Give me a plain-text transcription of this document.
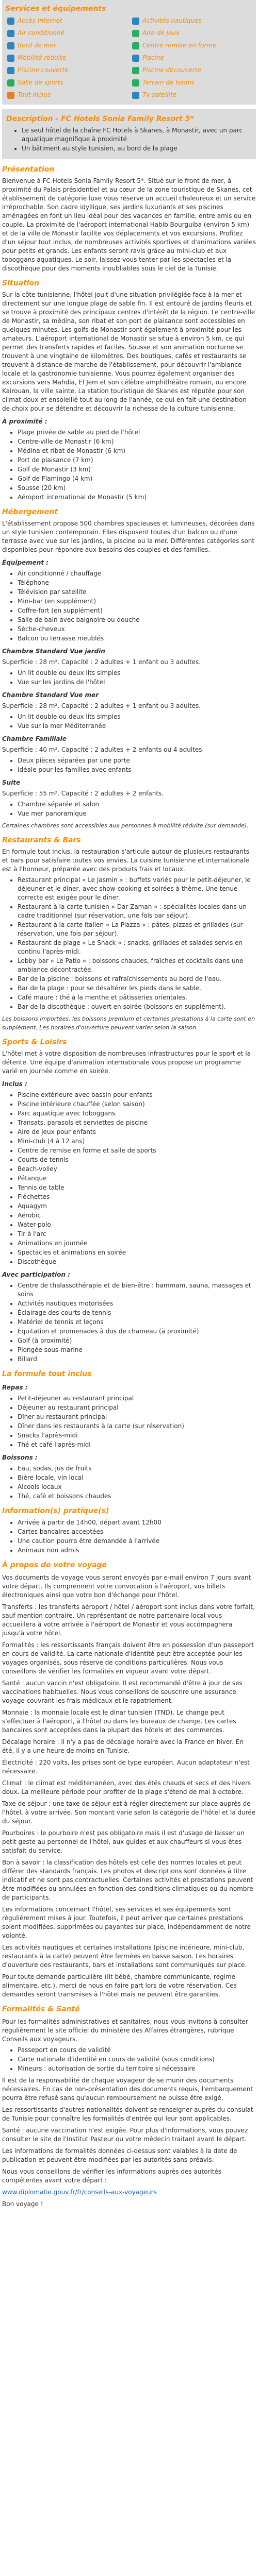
Services et équipements
Accès Internet	Activités nautiques
Air conditionné	Aire de jeux
Bord de mer	Centre remise en forme
Mobilité réduite	Piscine
Piscine couverte	Piscine découverte
Salle de sports	Terrain de tennis
Tout inclus	Tv satellite
Description - FC Hotels Sonia Family Resort 5*
• Le seul hôtel de la chaîne FC Hotels à Skanes, à Monastir, avec un parc aquatique magnifique à proximité
• Un bâtiment au style tunisien, au bord de la plage
Présentation

Bienvenue à FC Hotels Sonia Family Resort 5*. Situé sur le front de mer, à proximité du Palais présidentiel et au cœur de la zone touristique de Skanes, cet établissement de catégorie luxe vous réserve un accueil chaleureux et un service irréprochable. Son cadre idyllique, ses jardins luxuriants et ses piscines aménagées en font un lieu idéal pour des vacances en famille, entre amis ou en couple. La proximité de l'aéroport international Habib Bourguiba (environ 5 km) et de la ville de Monastir facilite vos déplacements et vos excursions. Profitez d'un séjour tout inclus, de nombreuses activités sportives et d'animations variées pour petits et grands. Les enfants seront ravis grâce au mini-club et aux toboggans aquatiques. Le soir, laissez-vous tenter par les spectacles et la discothèque pour des moments inoubliables sous le ciel de la Tunisie.

Situation

Sur la côte tunisienne, l'hôtel jouit d'une situation privilégiée face à la mer et directement sur une longue plage de sable fin. Il est entouré de jardins fleuris et se trouve à proximité des principaux centres d'intérêt de la région. Le centre-ville de Monastir, sa médina, son ribat et son port de plaisance sont accessibles en quelques minutes. Les golfs de Monastir sont également à proximité pour les amateurs. L'aéroport international de Monastir se situe à environ 5 km, ce qui permet des transferts rapides et faciles. Sousse et son animation nocturne se trouvent à une vingtaine de kilomètres. Des boutiques, cafés et restaurants se trouvent à distance de marche de l'établissement, pour découvrir l'ambiance locale et la gastronomie tunisienne. Vous pourrez également organiser des excursions vers Mahdia, El Jem et son célèbre amphithéâtre romain, ou encore Kairouan, la ville sainte. La station touristique de Skanes est réputée pour son climat doux et ensoleillé tout au long de l'année, ce qui en fait une destination de choix pour se détendre et découvrir la richesse de la culture tunisienne.

À proximité :
• Plage privée de sable au pied de l'hôtel
• Centre-ville de Monastir (6 km)
• Médina et ribat de Monastir (6 km)
• Port de plaisance (7 km)
• Golf de Monastir (3 km)
• Golf de Flamingo (4 km)
• Sousse (20 km)
• Aéroport international de Monastir (5 km)
Hébergement

L'établissement propose 500 chambres spacieuses et lumineuses, décorées dans un style tunisien contemporain. Elles disposent toutes d'un balcon ou d'une terrasse avec vue sur les jardins, la piscine ou la mer. Différentes catégories sont disponibles pour répondre aux besoins des couples et des familles.

Équipement :
• Air conditionné / chauffage
• Téléphone
• Télévision par satellite
• Mini-bar (en supplément)
• Coffre-fort (en supplément)
• Salle de bain avec baignoire ou douche
• Sèche-cheveux
• Balcon ou terrasse meublés
Chambre Standard Vue jardin

Superficie : 28 m². Capacité : 2 adultes + 1 enfant ou 3 adultes.

• Un lit double ou deux lits simples
• Vue sur les jardins de l'hôtel
Chambre Standard Vue mer

Superficie : 28 m². Capacité : 2 adultes + 1 enfant ou 3 adultes.

• Un lit double ou deux lits simples
• Vue sur la mer Méditerranée
Chambre Familiale

Superficie : 40 m². Capacité : 2 adultes + 2 enfants ou 4 adultes.

• Deux pièces séparées par une porte
• Idéale pour les familles avec enfants
Suite

Superficie : 55 m². Capacité : 2 adultes + 2 enfants.

• Chambre séparée et salon
• Vue mer panoramique

Certaines chambres sont accessibles aux personnes à mobilité réduite (sur demande).

Restaurants & Bars

En formule tout inclus, la restauration s'articule autour de plusieurs restaurants et bars pour satisfaire toutes vos envies. La cuisine tunisienne et internationale est à l'honneur, préparée avec des produits frais et locaux.

• Restaurant principal « Le Jasmin » : buffets variés pour le petit-déjeuner, le déjeuner et le dîner, avec show-cooking et soirées à thème. Une tenue correcte est exigée pour le dîner.
• Restaurant à la carte tunisien « Dar Zaman » : spécialités locales dans un cadre traditionnel (sur réservation, une fois par séjour).
• Restaurant à la carte italien « La Piazza » : pâtes, pizzas et grillades (sur réservation, une fois par séjour).
• Restaurant de plage « Le Snack » : snacks, grillades et salades servis en continu l'après-midi.
• Lobby bar « Le Patio » : boissons chaudes, fraîches et cocktails dans une ambiance décontractée.
• Bar de la piscine : boissons et rafraîchissements au bord de l'eau.
• Bar de la plage : pour se désaltérer les pieds dans le sable.
• Café maure : thé à la menthe et pâtisseries orientales.
• Bar de la discothèque : ouvert en soirée (boissons en supplément).

Les boissons importées, les boissons premium et certaines prestations à la carte sont en supplément. Les horaires d'ouverture peuvent varier selon la saison.

Sports & Loisirs

L'hôtel met à votre disposition de nombreuses infrastructures pour le sport et la détente. Une équipe d'animation internationale vous propose un programme varié en journée comme en soirée.

Inclus :
• Piscine extérieure avec bassin pour enfants
• Piscine intérieure chauffée (selon saison)
• Parc aquatique avec toboggans
• Transats, parasols et serviettes de piscine
• Aire de jeux pour enfants
• Mini-club (4 à 12 ans)
• Centre de remise en forme et salle de sports
• Courts de tennis
• Beach-volley
• Pétanque
• Tennis de table
• Fléchettes
• Aquagym
• Aérobic
• Water-polo
• Tir à l'arc
• Animations en journée
• Spectacles et animations en soirée
• Discothèque
Avec participation :
• Centre de thalassothérapie et de bien-être : hammam, sauna, massages et soins
• Activités nautiques motorisées
• Éclairage des courts de tennis
• Matériel de tennis et leçons
• Équitation et promenades à dos de chameau (à proximité)
• Golf (à proximité)
• Plongée sous-marine
• Billard
La formule tout inclus
Repas :
• Petit-déjeuner au restaurant principal
• Déjeuner au restaurant principal
• Dîner au restaurant principal
• Dîner dans les restaurants à la carte (sur réservation)
• Snacks l'après-midi
• Thé et café l'après-midi
Boissons :
• Eau, sodas, jus de fruits
• Bière locale, vin local
• Alcools locaux
• Thé, café et boissons chaudes
Information(s) pratique(s)
• Arrivée à partir de 14h00, départ avant 12h00
• Cartes bancaires acceptées
• Une caution pourra être demandée à l'arrivée
• Animaux non admis
À propos de votre voyage

Vos documents de voyage vous seront envoyés par e-mail environ 7 jours avant votre départ. Ils comprennent votre convocation à l'aéroport, vos billets électroniques ainsi que votre bon d'échange pour l'hôtel.

Transferts : les transferts aéroport / hôtel / aéroport sont inclus dans votre forfait, sauf mention contraire. Un représentant de notre partenaire local vous accueillera à votre arrivée à l'aéroport de Monastir et vous accompagnera jusqu'à votre hôtel.

Formalités : les ressortissants français doivent être en possession d'un passeport en cours de validité. La carte nationale d'identité peut être acceptée pour les voyages organisés, sous réserve de conditions particulières. Nous vous conseillons de vérifier les formalités en vigueur avant votre départ.

Santé : aucun vaccin n'est obligatoire. Il est recommandé d'être à jour de ses vaccinations habituelles. Nous vous conseillons de souscrire une assurance voyage couvrant les frais médicaux et le rapatriement.

Monnaie : la monnaie locale est le dinar tunisien (TND). Le change peut s'effectuer à l'aéroport, à l'hôtel ou dans les bureaux de change. Les cartes bancaires sont acceptées dans la plupart des hôtels et des commerces.

Décalage horaire : il n'y a pas de décalage horaire avec la France en hiver. En été, il y a une heure de moins en Tunisie.

Électricité : 220 volts, les prises sont de type européen. Aucun adaptateur n'est nécessaire.

Climat : le climat est méditerranéen, avec des étés chauds et secs et des hivers doux. La meilleure période pour profiter de la plage s'étend de mai à octobre.

Taxe de séjour : une taxe de séjour est à régler directement sur place auprès de l'hôtel, à votre arrivée. Son montant varie selon la catégorie de l'hôtel et la durée du séjour.

Pourboires : le pourboire n'est pas obligatoire mais il est d'usage de laisser un petit geste au personnel de l'hôtel, aux guides et aux chauffeurs si vous êtes satisfait du service.

Bon à savoir : la classification des hôtels est celle des normes locales et peut différer des standards français. Les photos et descriptions sont données à titre indicatif et ne sont pas contractuelles. Certaines activités et prestations peuvent être modifiées ou annulées en fonction des conditions climatiques ou du nombre de participants.

Les informations concernant l'hôtel, ses services et ses équipements sont régulièrement mises à jour. Toutefois, il peut arriver que certaines prestations soient modifiées, supprimées ou payantes sur place, indépendamment de notre volonté.

Les activités nautiques et certaines installations (piscine intérieure, mini-club, restaurants à la carte) peuvent être fermées en basse saison. Les horaires d'ouverture des restaurants, bars et installations sont communiqués sur place.

Pour toute demande particulière (lit bébé, chambre communicante, régime alimentaire, etc.), merci de nous en faire part lors de votre réservation. Ces demandes seront transmises à l'hôtel mais ne peuvent être garanties.

Formalités & Santé

Pour les formalités administratives et sanitaires, nous vous invitons à consulter régulièrement le site officiel du ministère des Affaires étrangères, rubrique Conseils aux voyageurs.

• Passeport en cours de validité
• Carte nationale d'identité en cours de validité (sous conditions)
• Mineurs : autorisation de sortie du territoire si nécessaire

Il est de la responsabilité de chaque voyageur de se munir des documents nécessaires. En cas de non-présentation des documents requis, l'embarquement pourra être refusé sans qu'aucun remboursement ne puisse être exigé.

Les ressortissants d'autres nationalités doivent se renseigner auprès du consulat de Tunisie pour connaître les formalités d'entrée qui leur sont applicables.

Santé : aucune vaccination n'est exigée. Pour plus d'informations, vous pouvez consulter le site de l'Institut Pasteur ou votre médecin traitant avant le départ.

Les informations de formalités données ci-dessus sont valables à la date de publication et peuvent être modifiées par les autorités sans préavis.

Nous vous conseillons de vérifier les informations auprès des autorités compétentes avant votre départ :

www.diplomatie.gouv.fr/fr/conseils-aux-voyageurs

Bon voyage !
